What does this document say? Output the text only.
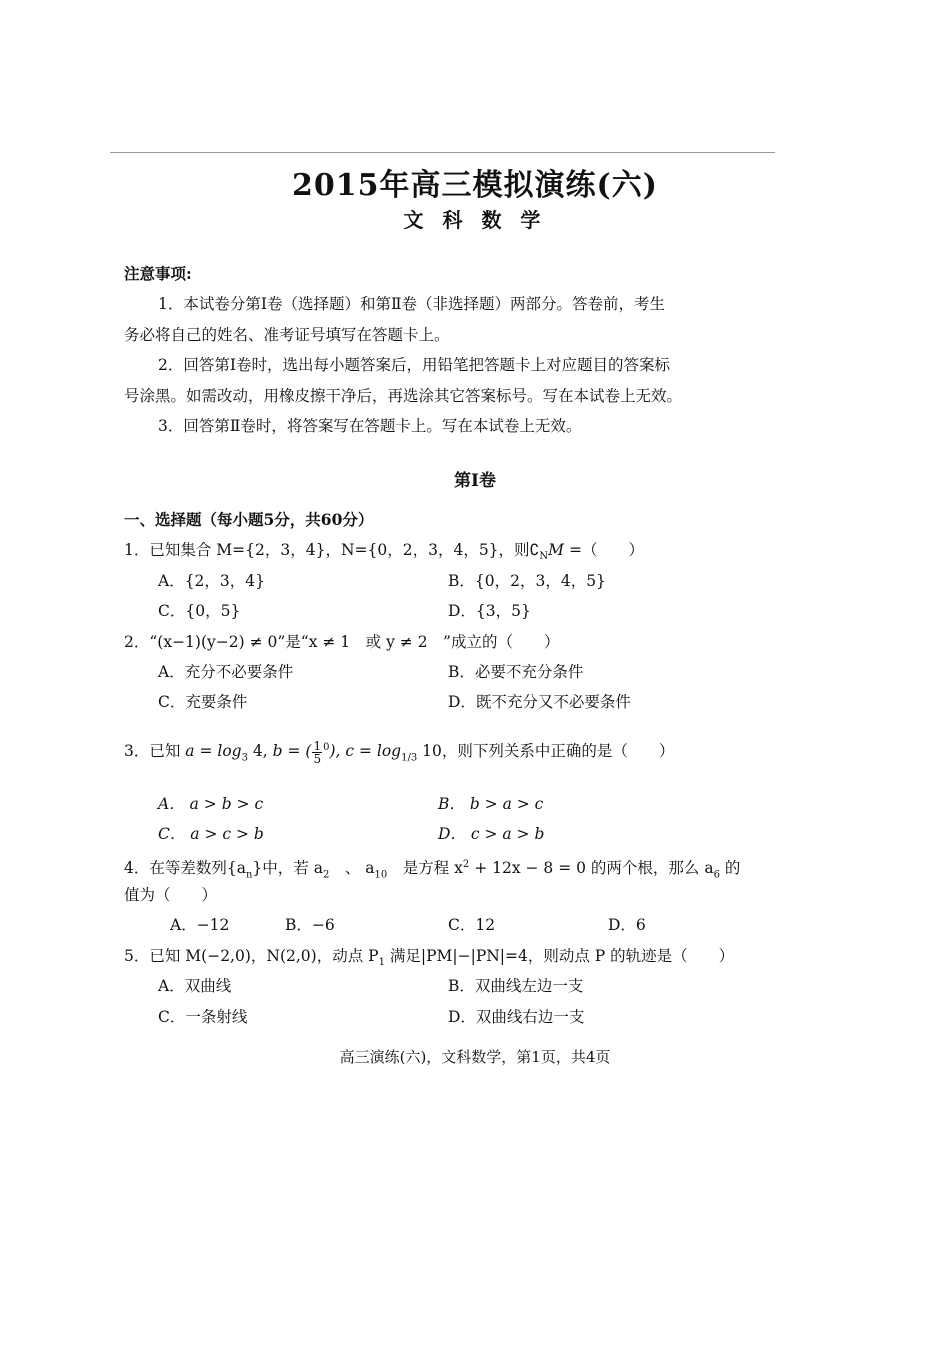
2015年高三模拟演练(六)
文 科 数 学
注意事项:
1．本试卷分第Ⅰ卷（选择题）和第Ⅱ卷（非选择题）两部分。答卷前，考生
务必将自己的姓名、准考证号填写在答题卡上。
2．回答第Ⅰ卷时，选出每小题答案后，用铅笔把答题卡上对应题目的答案标
号涂黑。如需改动，用橡皮擦干净后，再选涂其它答案标号。写在本试卷上无效。
3．回答第Ⅱ卷时，将答案写在答题卡上。写在本试卷上无效。
第Ⅰ卷
一、选择题（每小题5分，共60分）
1．已知集合 M={2，3，4}，N={0，2，3，4，5}，则$∁_NM$ =（　　）
A．{2，3，4}	B．{0，2，3，4，5}
C．{0，5}	D．{3，5}
2．“(x−1)(y−2) ≠ 0”是“x ≠ 1　或 y ≠ 2　”成立的（　　）
A．充分不必要条件	B．必要不充分条件
C．充要条件	D．既不充分又不必要条件
3．已知 $a = \log_3 4$, b = ( $\frac{1}{5} ^0$), $c = \log_{1/3} 10$，则下列关系中正确的是（　　）
A． a > b > c	B． b > a > c
C． a > c > b	D． c > a > b
4．在等差数列$\{a_n\}$中，若 $a_2$　、 $a_{10}$　是方程 $x^2 + 12x - 8 = 0$ 的两个根，那么 $a_6$ 的
值为（　　）
A．−12	B．−6	C．12	D．6
5．已知 M(−2,0)，N(2,0)，动点 $P_1$ 满足|PM|−|PN|=4，则动点 P 的轨迹是（　　）
A．双曲线	B．双曲线左边一支
C．一条射线	D．双曲线右边一支
高三演练(六)，文科数学，第1页，共4页
